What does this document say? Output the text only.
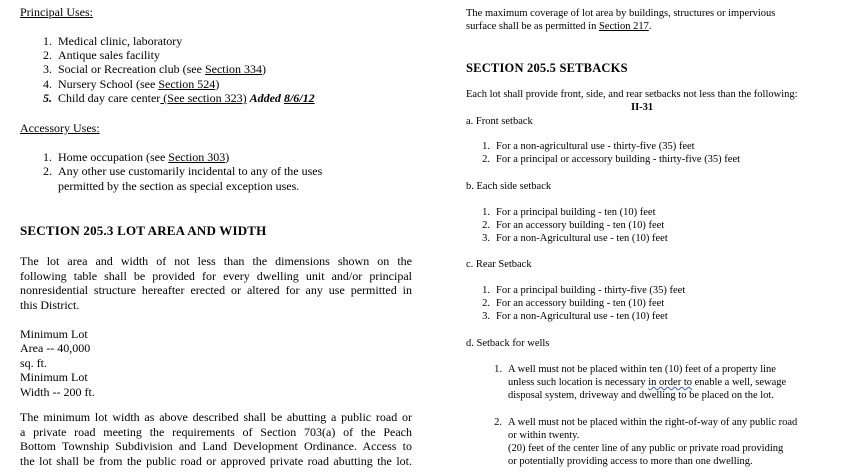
Principal Uses:
1. Medical clinic, laboratory
2. Antique sales facility
3. Social or Recreation club (see Section 334)
4. Nursery School (see Section 524)
5. Child day care center (See section 323) Added 8/6/12
Accessory Uses:
1. Home occupation (see Section 303)
2. Any other use customarily incidental to any of the uses
permitted by the section as special exception uses.
SECTION 205.3 LOT AREA AND WIDTH
The lot area and width of not less than the dimensions shown on the
following table shall be provided for every dwelling unit and/or principal
nonresidential structure hereafter erected or altered for any use permitted in
this District.
Minimum Lot
Area -- 40,000
sq. ft.
Minimum Lot
Width -- 200 ft.
The minimum lot width as above described shall be abutting a public road or
a private road meeting the requirements of Section 703(a) of the Peach
Bottom Township Subdivision and Land Development Ordinance. Access to
the lot shall be from the public road or approved private road abutting the lot.
The maximum coverage of lot area by buildings, structures or impervious
surface shall be as permitted in Section 217.
SECTION 205.5 SETBACKS
Each lot shall provide front, side, and rear setbacks not less than the following:
II-31
a. Front setback
1. For a non-agricultural use - thirty-five (35) feet
2. For a principal or accessory building - thirty-five (35) feet
b. Each side setback
1. For a principal building - ten (10) feet
2. For an accessory building - ten (10) feet
3. For a non-Agricultural use - ten (10) feet
c. Rear Setback
1. For a principal building - thirty-five (35) feet
2. For an accessory building - ten (10) feet
3. For a non-Agricultural use - ten (10) feet
d. Setback for wells
1. A well must not be placed within ten (10) feet of a property line
unless such location is necessary in order to enable a well, sewage
disposal system, driveway and dwelling to be placed on the lot.
2. A well must not be placed within the right-of-way of any public road
or within twenty.
(20) feet of the center line of any public or private road providing
or potentially providing access to more than one dwelling.
